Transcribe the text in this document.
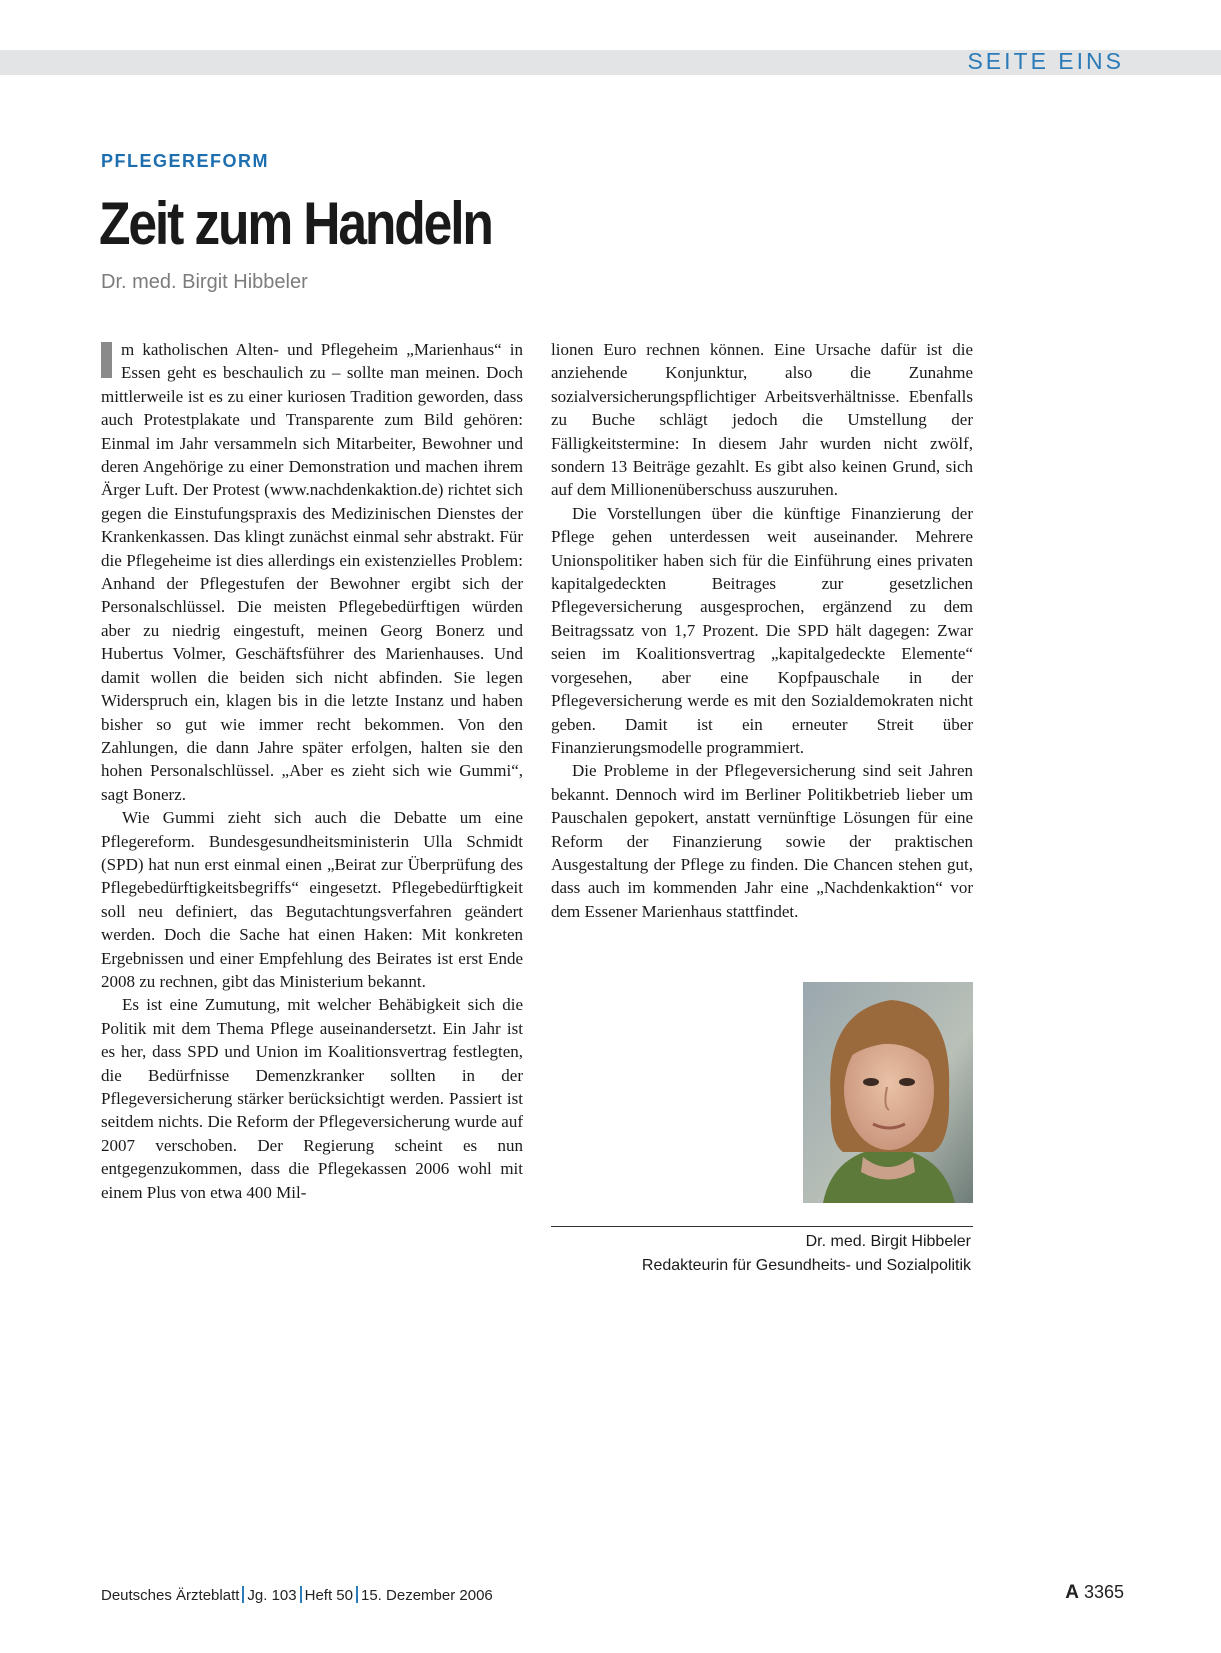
SEITE EINS
PFLEGEREFORM
Zeit zum Handeln
Dr. med. Birgit Hibbeler

m katholischen Alten- und Pflegeheim „Marienhaus“ in Essen geht es beschaulich zu – sollte man meinen. Doch mittlerweile ist es zu einer kuriosen Tradition geworden, dass auch Protestplakate und Transparente zum Bild gehören: Einmal im Jahr versammeln sich Mitarbeiter, Bewohner und deren Angehörige zu einer Demonstration und machen ihrem Ärger Luft. Der Protest (www.nachdenkaktion.de) richtet sich gegen die Einstufungspraxis des Medizinischen Dienstes der Krankenkassen. Das klingt zunächst einmal sehr abstrakt. Für die Pflegeheime ist dies allerdings ein existenzielles Problem: Anhand der Pflegestufen der Bewohner ergibt sich der Personalschlüssel. Die meisten Pflegebedürftigen würden aber zu niedrig eingestuft, meinen Georg Bonerz und Hubertus Volmer, Geschäftsführer des Marienhauses. Und damit wollen die beiden sich nicht abfinden. Sie legen Widerspruch ein, klagen bis in die letzte Instanz und haben bisher so gut wie immer recht bekommen. Von den Zahlungen, die dann Jahre später erfolgen, halten sie den hohen Personalschlüssel. „Aber es zieht sich wie Gummi“, sagt Bonerz.

Wie Gummi zieht sich auch die Debatte um eine Pflegereform. Bundesgesundheitsministerin Ulla Schmidt (SPD) hat nun erst einmal einen „Beirat zur Überprüfung des Pflegebedürftigkeitsbegriffs“ eingesetzt. Pflegebedürftigkeit soll neu definiert, das Begutachtungsverfahren geändert werden. Doch die Sache hat einen Haken: Mit konkreten Ergebnissen und einer Empfehlung des Beirates ist erst Ende 2008 zu rechnen, gibt das Ministerium bekannt.

Es ist eine Zumutung, mit welcher Behäbigkeit sich die Politik mit dem Thema Pflege auseinandersetzt. Ein Jahr ist es her, dass SPD und Union im Koalitionsvertrag festlegten, die Bedürfnisse Demenzkranker sollten in der Pflegeversicherung stärker berücksichtigt werden. Passiert ist seitdem nichts. Die Reform der Pflegeversicherung wurde auf 2007 verschoben. Der Regierung scheint es nun entgegenzukommen, dass die Pflegekassen 2006 wohl mit einem Plus von etwa 400 Mil-

lionen Euro rechnen können. Eine Ursache dafür ist die anziehende Konjunktur, also die Zunahme sozialversicherungspflichtiger Arbeitsverhältnisse. Ebenfalls zu Buche schlägt jedoch die Umstellung der Fälligkeitstermine: In diesem Jahr wurden nicht zwölf, sondern 13 Beiträge gezahlt. Es gibt also keinen Grund, sich auf dem Millionenüberschuss auszuruhen.

Die Vorstellungen über die künftige Finanzierung der Pflege gehen unterdessen weit auseinander. Mehrere Unionspolitiker haben sich für die Einführung eines privaten kapitalgedeckten Beitrages zur gesetzlichen Pflegeversicherung ausgesprochen, ergänzend zu dem Beitragssatz von 1,7 Prozent. Die SPD hält dagegen: Zwar seien im Koalitionsvertrag „kapitalgedeckte Elemente“ vorgesehen, aber eine Kopfpauschale in der Pflegeversicherung werde es mit den Sozialdemokraten nicht geben. Damit ist ein erneuter Streit über Finanzierungsmodelle programmiert.

Die Probleme in der Pflegeversicherung sind seit Jahren bekannt. Dennoch wird im Berliner Politikbetrieb lieber um Pauschalen gepokert, anstatt vernünftige Lösungen für eine Reform der Finanzierung sowie der praktischen Ausgestaltung der Pflege zu finden. Die Chancen stehen gut, dass auch im kommenden Jahr eine „Nachdenkaktion“ vor dem Essener Marienhaus stattfindet.

Dr. med. Birgit Hibbeler
Redakteurin für Gesundheits- und Sozialpolitik
Deutsches Ärzteblatt Jg. 103 Heft 50 15. Dezember 2006	A 3365
